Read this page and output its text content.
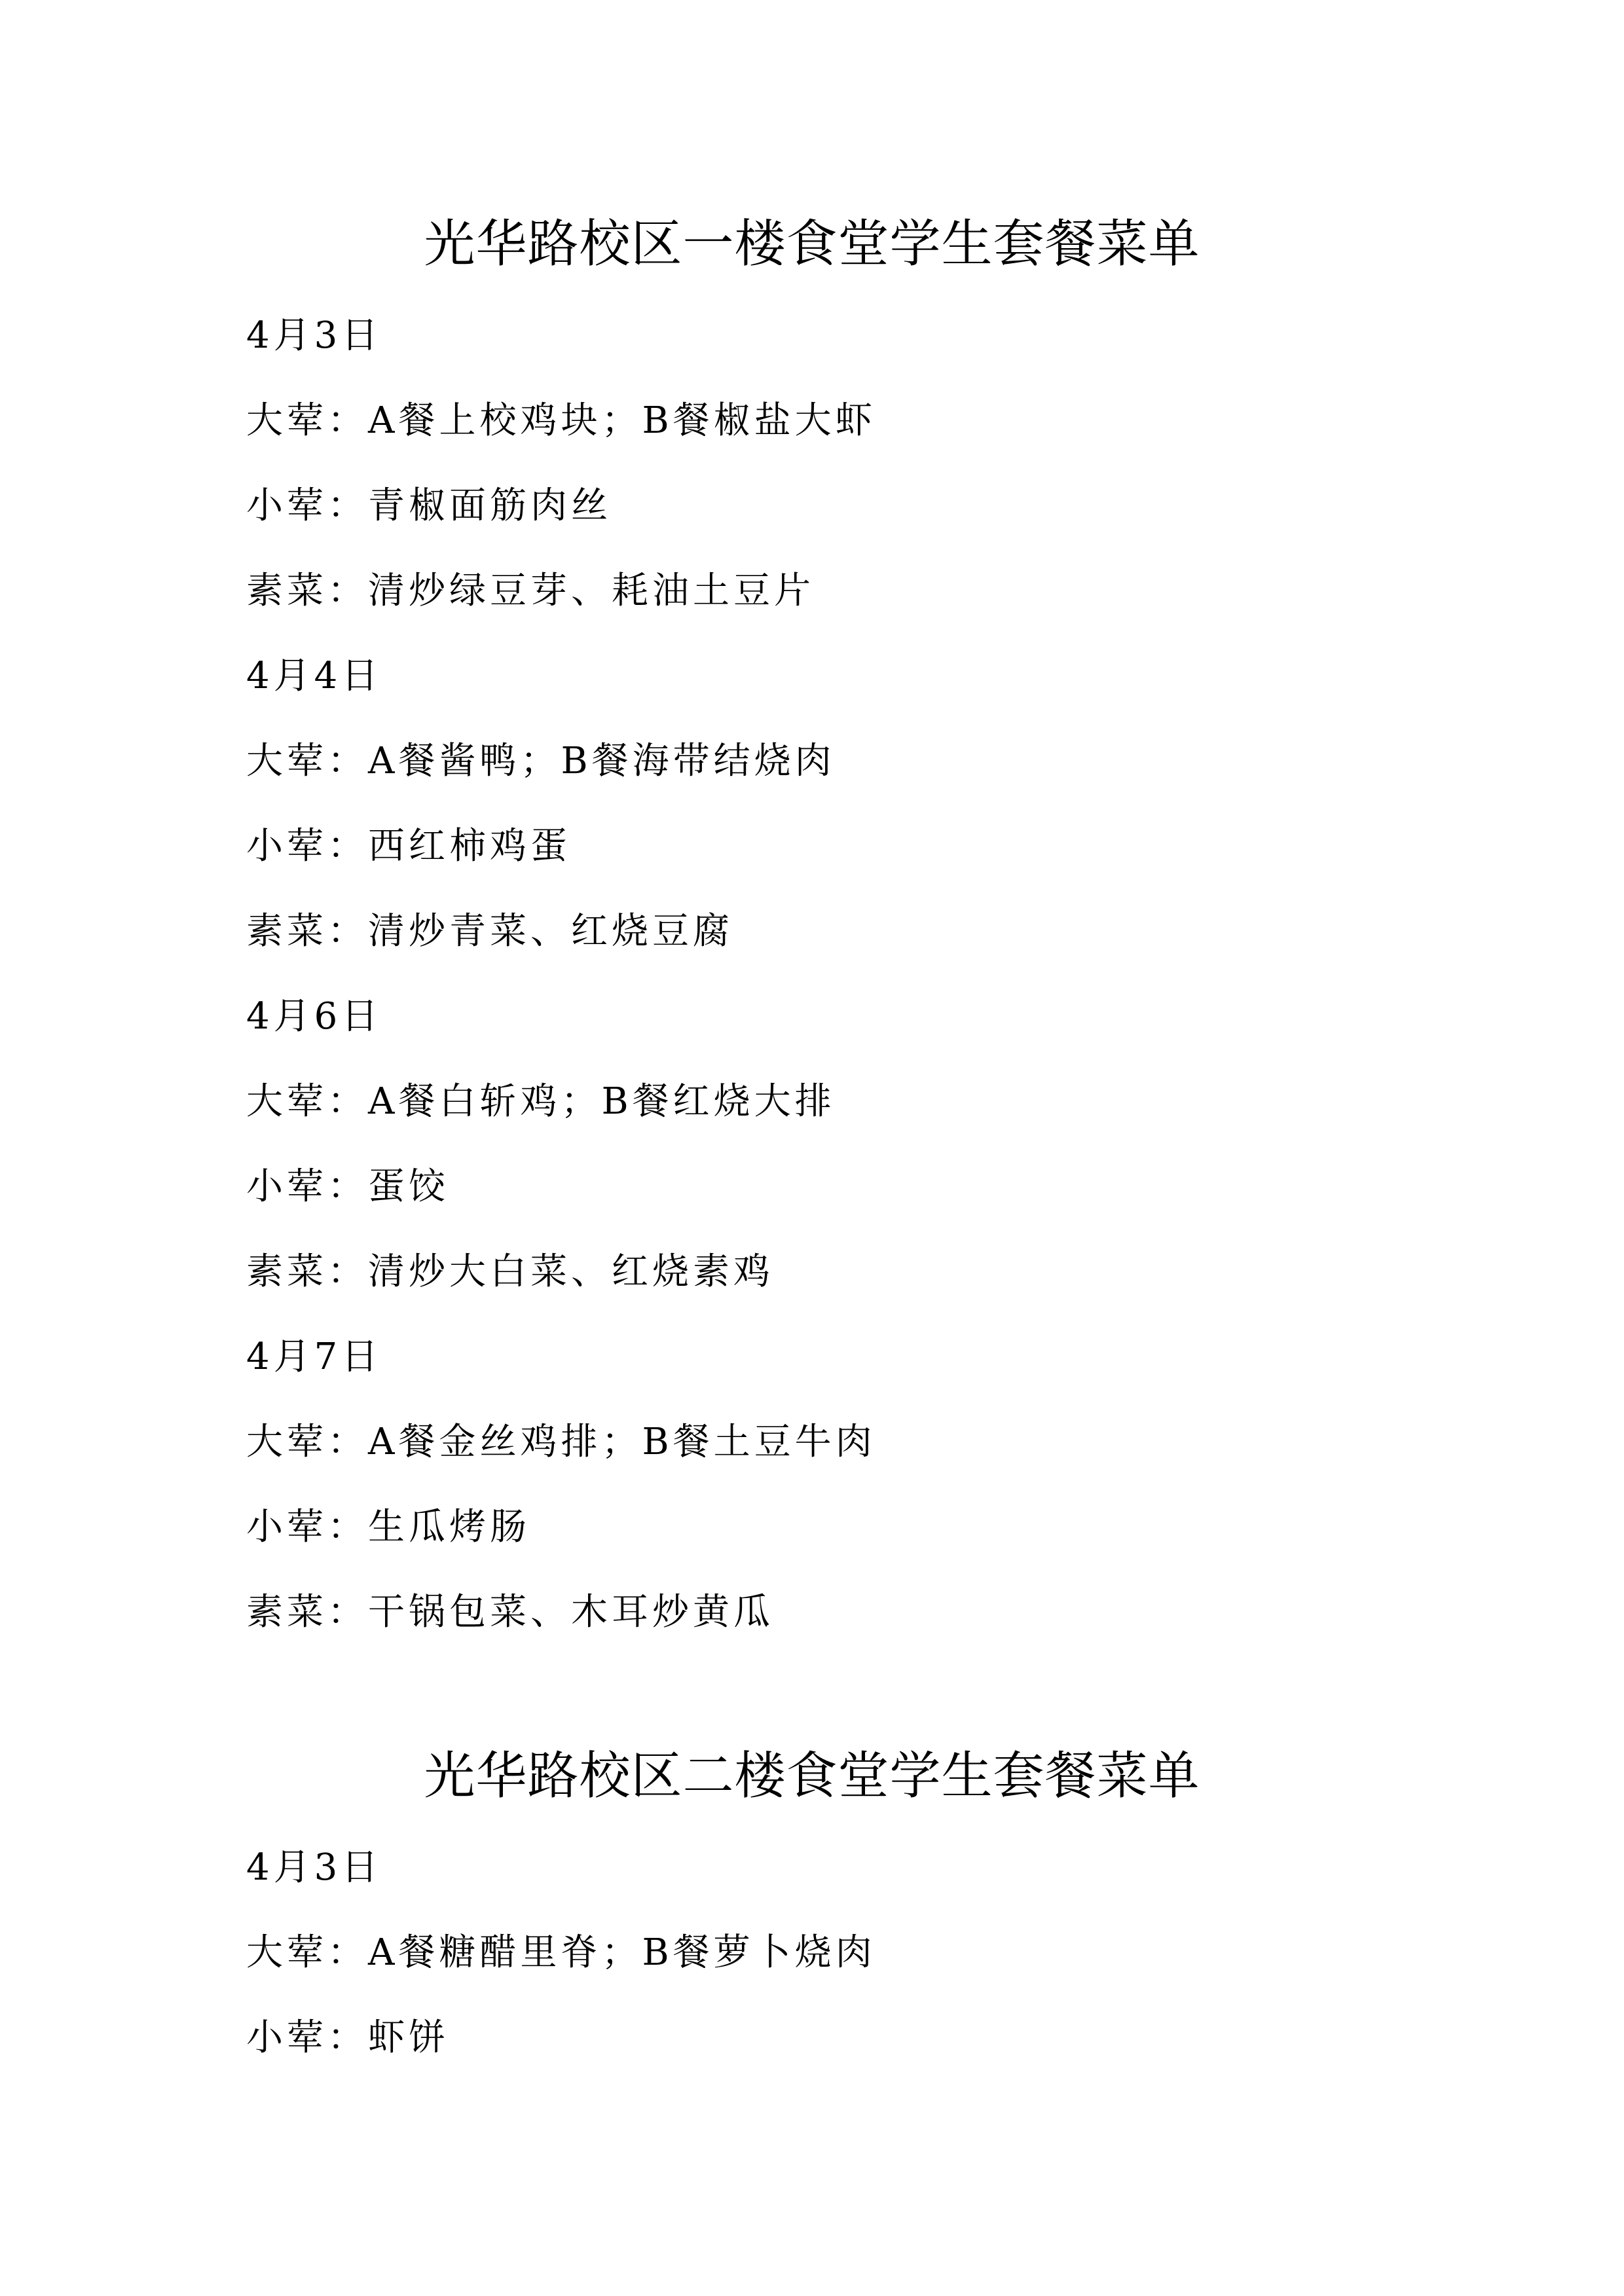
光华路校区一楼食堂学生套餐菜单
4月3日
大荤：A餐上校鸡块；B餐椒盐大虾
小荤：青椒面筋肉丝
素菜：清炒绿豆芽、耗油土豆片
4月4日
大荤：A餐酱鸭；B餐海带结烧肉
小荤：西红柿鸡蛋
素菜：清炒青菜、红烧豆腐
4月6日
大荤：A餐白斩鸡；B餐红烧大排
小荤：蛋饺
素菜：清炒大白菜、红烧素鸡
4月7日
大荤：A餐金丝鸡排；B餐土豆牛肉
小荤：生瓜烤肠
素菜：干锅包菜、木耳炒黄瓜
光华路校区二楼食堂学生套餐菜单
4月3日
大荤：A餐糖醋里脊；B餐萝卜烧肉
小荤：虾饼
